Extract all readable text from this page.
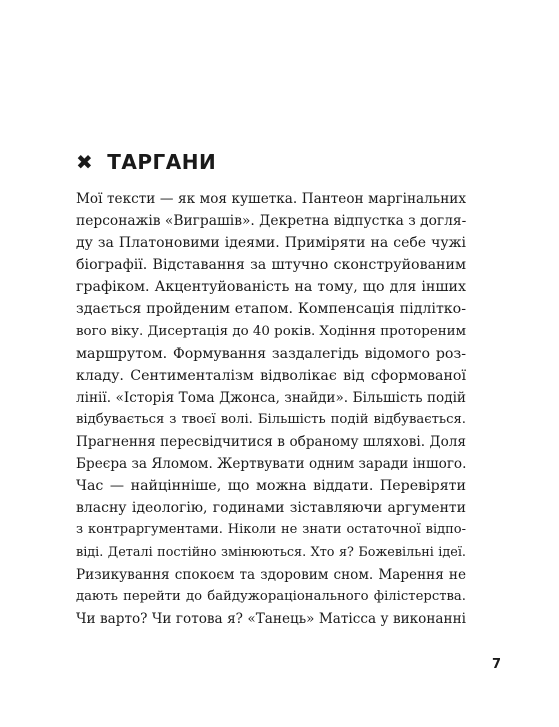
✖ ТАРГАНИ
Мої тексти — як моя кушетка. Пантеон маргінальних
персонажів «Виграшів». Декретна відпустка з догля-
ду за Платоновими ідеями. Приміряти на себе чужі
біографії. Відставання за штучно сконструйованим
графіком. Акцентуйованість на тому, що для інших
здається пройденим етапом. Компенсація підлітко-
вого віку. Дисертація до 40 років. Ходіння протореним
маршрутом. Формування заздалегідь відомого роз-
кладу. Сентименталізм відволікає від сформованої
лінії. «Історія Тома Джонса, знайди». Більшість подій
відбувається з твоєї волі. Більшість подій відбувається.
Прагнення пересвідчитися в обраному шляхові. Доля
Бреєра за Яломом. Жертвувати одним заради іншого.
Час — найцінніше, що можна віддати. Перевіряти
власну ідеологію, годинами зіставляючи аргументи
з контраргументами. Ніколи не знати остаточної відпо-
віді. Деталі постійно змінюються. Хто я? Божевільні ідеї.
Ризикування спокоєм та здоровим сном. Марення не
дають перейти до байдужораціонального філістерства.
Чи варто? Чи готова я? «Танець» Матісса у виконанні
7
